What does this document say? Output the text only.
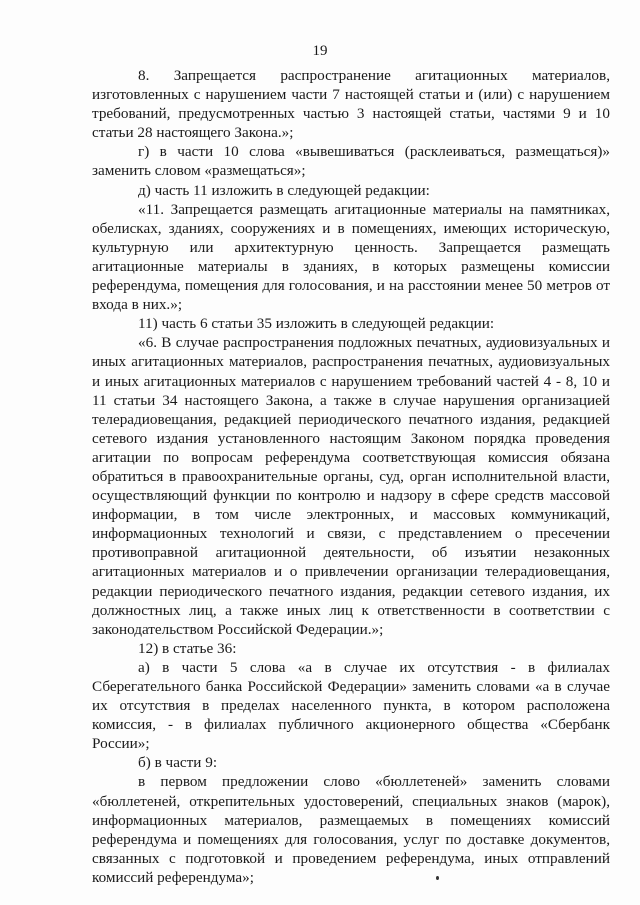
19

8. Запрещается распространение агитационных материалов, изготовленных с нарушением части 7 настоящей статьи и (или) с нарушением требований, предусмотренных частью 3 настоящей статьи, частями 9 и 10 статьи 28 настоящего Закона.»;

г) в части 10 слова «вывешиваться (расклеиваться, размещаться)» заменить словом «размещаться»;

д) часть 11 изложить в следующей редакции:

«11. Запрещается размещать агитационные материалы на памятниках, обелисках, зданиях, сооружениях и в помещениях, имеющих историческую, культурную или архитектурную ценность. Запрещается размещать агитационные материалы в зданиях, в которых размещены комиссии референдума, помещения для голосования, и на расстоянии менее 50 метров от входа в них.»;

11) часть 6 статьи 35 изложить в следующей редакции:

«6. В случае распространения подложных печатных, аудиовизуальных и иных агитационных материалов, распространения печатных, аудиовизуальных и иных агитационных материалов с нарушением требований частей 4 - 8, 10 и 11 статьи 34 настоящего Закона, а также в случае нарушения организацией телерадиовещания, редакцией периодического печатного издания, редакцией сетевого издания установленного настоящим Законом порядка проведения агитации по вопросам референдума соответствующая комиссия обязана обратиться в правоохранительные органы, суд, орган исполнительной власти, осуществляющий функции по контролю и надзору в сфере средств массовой информации, в том числе электронных, и массовых коммуникаций, информационных технологий и связи, с представлением о пресечении противоправной агитационной деятельности, об изъятии незаконных агитационных материалов и о привлечении организации телерадиовещания, редакции периодического печатного издания, редакции сетевого издания, их должностных лиц, а также иных лиц к ответственности в соответствии с законодательством Российской Федерации.»;

12) в статье 36:

а) в части 5 слова «а в случае их отсутствия - в филиалах Сберегательного банка Российской Федерации» заменить словами «а в случае их отсутствия в пределах населенного пункта, в котором расположена комиссия, - в филиалах публичного акционерного общества «Сбербанк России»;

б) в части 9:

в первом предложении слово «бюллетеней» заменить словами «бюллетеней, открепительных удостоверений, специальных знаков (марок), информационных материалов, размещаемых в помещениях комиссий референдума и помещениях для голосования, услуг по доставке документов, связанных с подготовкой и проведением референдума, иных отправлений комиссий референдума»;
